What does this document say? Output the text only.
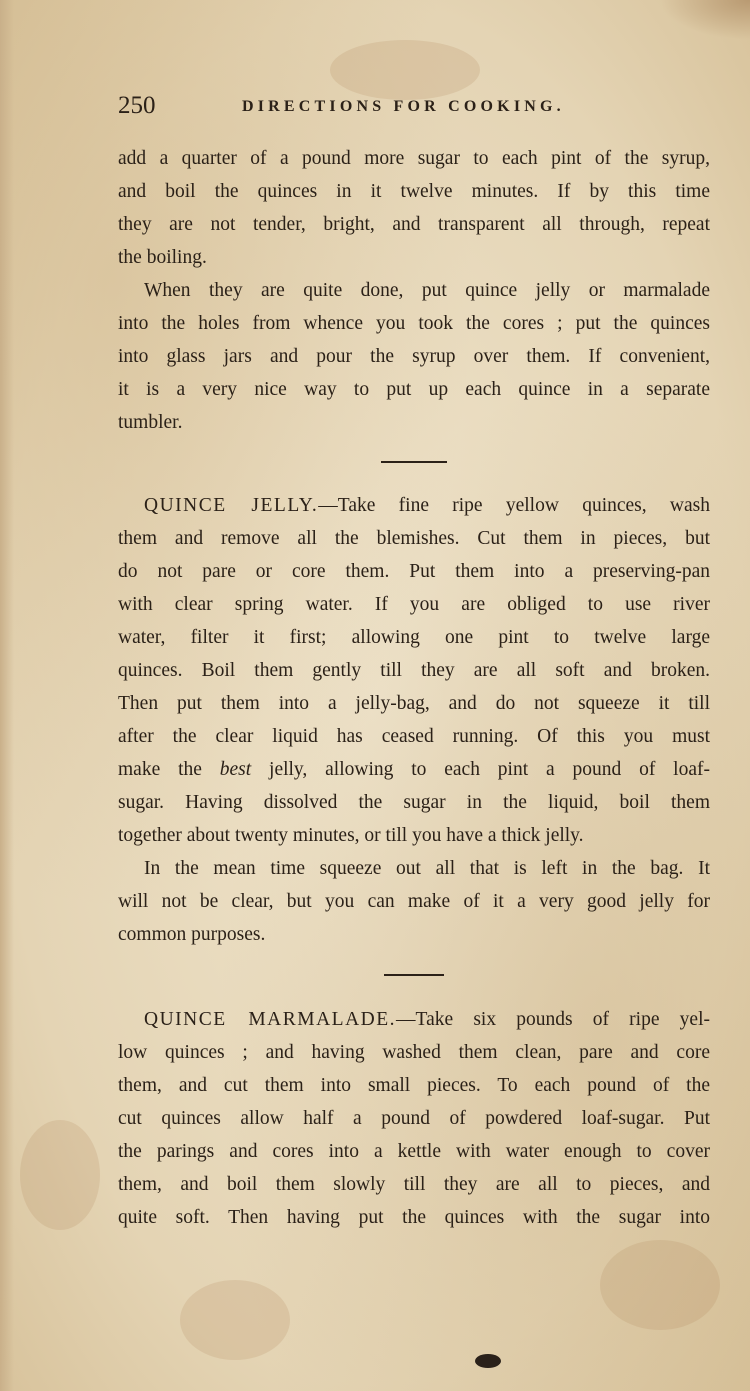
250	DIRECTIONS FOR COOKING.
add a quarter of a pound more sugar to each pint of the syrup,
and boil the quinces in it twelve minutes. If by this time
they are not tender, bright, and transparent all through, repeat
the boiling.
When they are quite done, put quince jelly or marmalade
into the holes from whence you took the cores ; put the quinces
into glass jars and pour the syrup over them. If convenient,
it is a very nice way to put up each quince in a separate
tumbler.
QUINCE JELLY.—Take fine ripe yellow quinces, wash
them and remove all the blemishes. Cut them in pieces, but
do not pare or core them. Put them into a preserving-pan
with clear spring water. If you are obliged to use river
water, filter it first; allowing one pint to twelve large
quinces. Boil them gently till they are all soft and broken.
Then put them into a jelly-bag, and do not squeeze it till
after the clear liquid has ceased running. Of this you must
make the best jelly, allowing to each pint a pound of loaf-
sugar. Having dissolved the sugar in the liquid, boil them
together about twenty minutes, or till you have a thick jelly.
In the mean time squeeze out all that is left in the bag. It
will not be clear, but you can make of it a very good jelly for
common purposes.
QUINCE MARMALADE.—Take six pounds of ripe yel-
low quinces ; and having washed them clean, pare and core
them, and cut them into small pieces. To each pound of the
cut quinces allow half a pound of powdered loaf-sugar. Put
the parings and cores into a kettle with water enough to cover
them, and boil them slowly till they are all to pieces, and
quite soft. Then having put the quinces with the sugar into
